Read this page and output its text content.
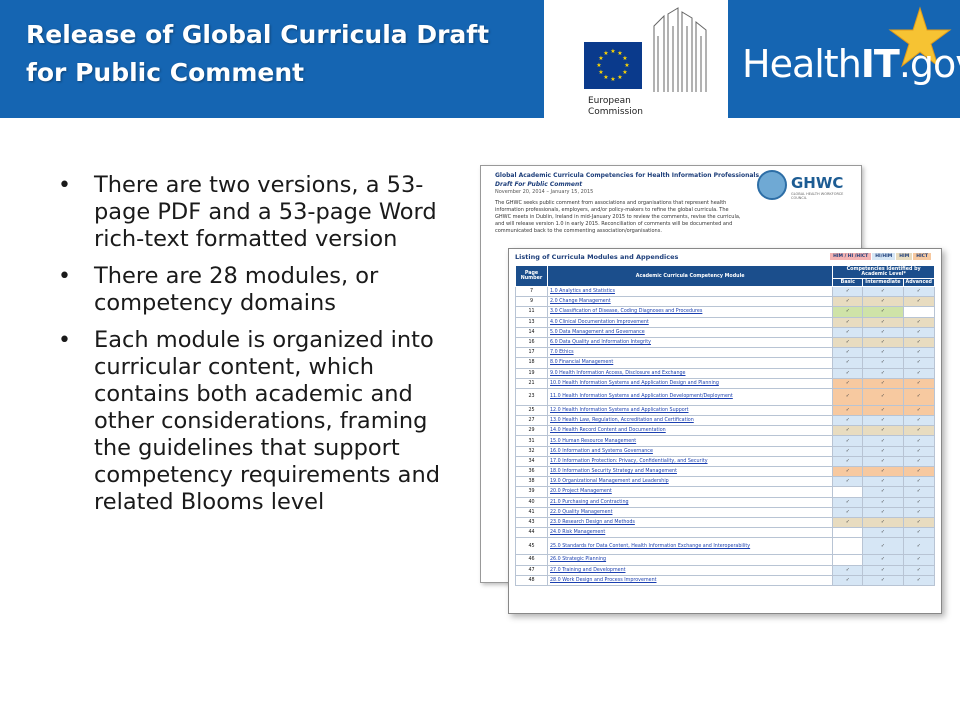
Release of Global Curricula Draft
for Public Comment
★ ★
★
★
★
★
★
★
★
★
★
★
European
Commission
HealthIT.gov
• There are two versions, a 53-page PDF and a 53-page Word rich-text formatted version
• There are 28 modules, or competency domains
• Each module is organized into curricular content, which contains both academic and other considerations, framing the guidelines that support competency requirements and related Blooms level
Global Academic Curricula Competencies for Health Information Professionals
Draft For Public Comment
November 20, 2014 – January 15, 2015
The GHWC seeks public comment from associations and organisations that represent health information professionals, employers, and/or policy-makers to refine the global curricula. The GHWC meets in Dublin, Ireland in mid-January 2015 to review the comments, revise the curricula, and will release version 1.0 in early 2015. Reconciliation of comments will be documented and communicated back to the commenting association/organisations.
GHWC
GLOBAL HEALTH WORKFORCE COUNCIL
Listing of Curricula Modules and Appendices	HIM / HI /HICT	HI/HIM	HIM	HICT
Page Number	Academic Curricula Competency Module	Competencies Identified by Academic Level*		
		Basic	Intermediate	Advanced
7	1.0 Analytics and Statistics	✓	✓	✓
9	2.0 Change Management	✓	✓	✓
11	3.0 Classification of Disease, Coding Diagnoses and Procedures	✓	✓	
13	4.0 Clinical Documentation Improvement	✓	✓	✓
14	5.0 Data Management and Governance	✓	✓	✓
16	6.0 Data Quality and Information Integrity	✓	✓	✓
17	7.0 Ethics	✓	✓	✓
18	8.0 Financial Management	✓	✓	✓
19	9.0 Health Information Access, Disclosure and Exchange	✓	✓	✓
21	10.0 Health Information Systems and Application Design and Planning	✓	✓	✓
23	11.0 Health Information Systems and Application Development/Deployment	✓	✓	✓
25	12.0 Health Information Systems and Application Support	✓	✓	✓
27	13.0 Health Law, Regulation, Accreditation and Certification	✓	✓	✓
29	14.0 Health Record Content and Documentation	✓	✓	✓
31	15.0 Human Resource Management	✓	✓	✓
32	16.0 Information and Systems Governance	✓	✓	✓
34	17.0 Information Protection: Privacy, Confidentiality, and Security	✓	✓	✓
36	18.0 Information Security Strategy and Management	✓	✓	✓
38	19.0 Organizational Management and Leadership	✓	✓	✓
39	20.0 Project Management		✓	✓
40	21.0 Purchasing and Contracting	✓	✓	✓
41	22.0 Quality Management	✓	✓	✓
43	23.0 Research Design and Methods	✓	✓	✓
44	24.0 Risk Management		✓	✓
45	25.0 Standards for Data Content, Health Information Exchange and Interoperability		✓	✓
46	26.0 Strategic Planning		✓	✓
47	27.0 Training and Development	✓	✓	✓
48	28.0 Work Design and Process Improvement	✓	✓	✓
